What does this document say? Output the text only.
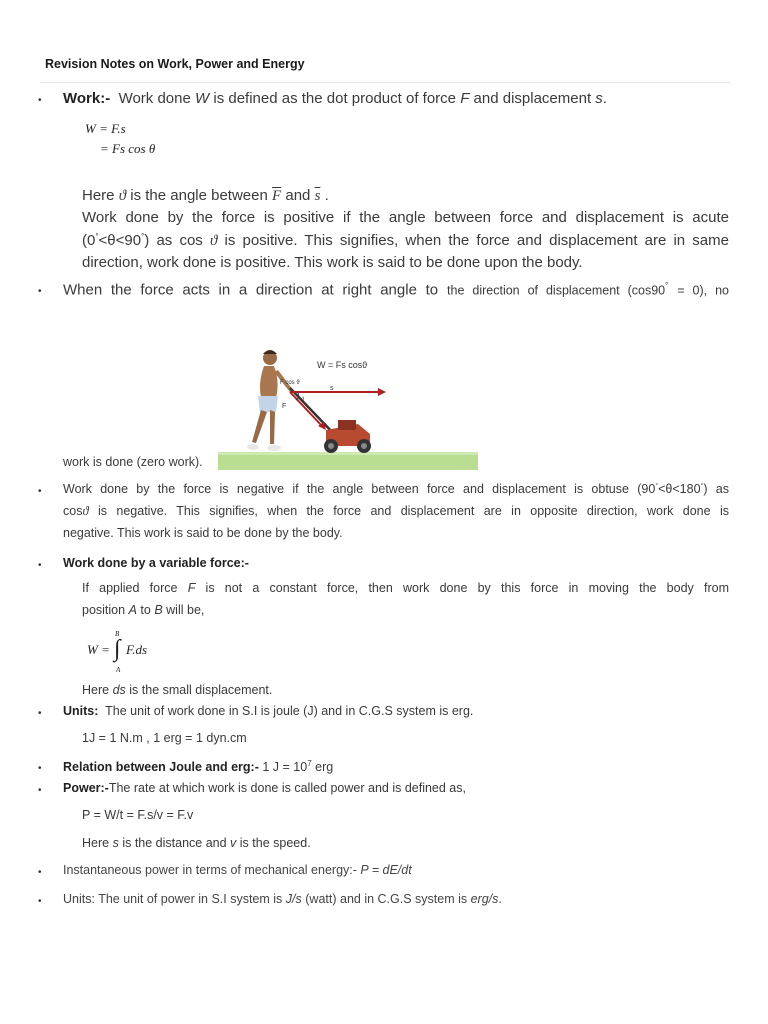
Revision Notes on Work, Power and Energy
• Work:- Work done W is defined as the dot product of force F and displacement s.
W = F.s
= Fs cos θ
Here ϑ is the angle between $\overline{F}$ and $\overline{s}$ .
Work done by the force is positive if the angle between force and displacement is acute
(0°<θ<90°) as cos ϑ is positive. This signifies, when the force and displacement are in same
direction, work done is positive. This work is said to be done upon the body.
• When the force acts in a direction at right angle to the direction of displacement (cos90° = 0), no
W = Fs cosϑ
F cos ϑ
s
F
ϑ
work is done (zero work).
• Work done by the force is negative if the angle between force and displacement is obtuse (90°<θ<180°) as
cosϑ is negative. This signifies, when the force and displacement are in opposite direction, work done is
negative. This work is said to be done by the body.
• Work done by a variable force:-
If applied force F is not a constant force, then work done by this force in moving the body from
position A to B will be,
W =
B
∫
A
F.ds
Here ds is the small displacement.
• Units: The unit of work done in S.I is joule (J) and in C.G.S system is erg.
1J = 1 N.m , 1 erg = 1 dyn.cm
• Relation between Joule and erg:- 1 $J = 10^7$ erg
• Power:-The rate at which work is done is called power and is defined as,
P = W/t = F.s/v = F.v
Here s is the distance and v is the speed.
• Instantaneous power in terms of mechanical energy:- P = dE/dt
• Units: The unit of power in S.I system is J/s (watt) and in C.G.S system is erg/s.
